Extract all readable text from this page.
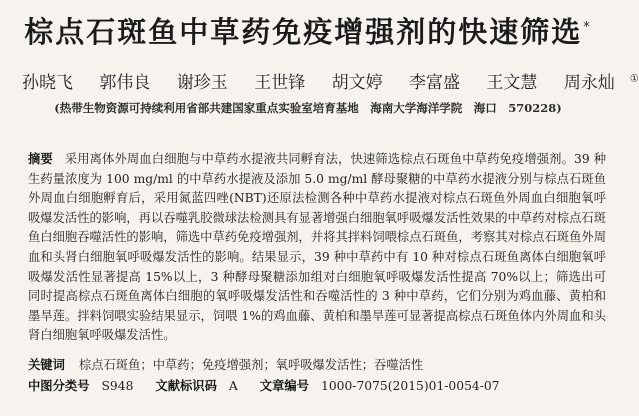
棕点石斑鱼中草药免疫增强剂的快速筛选*
孙晓飞 郭伟良 谢珍玉 王世锋 胡文婷 李富盛 王文慧 周永灿 ①
(热带生物资源可持续利用省部共建国家重点实验室培育基地　海南大学海洋学院　海口　570228)
摘要 采用离体外周血白细胞与中草药水提液共同孵育法，快速筛选棕点石斑鱼中草药免疫增强剂。39 种生药量浓度为 100 mg/ml 的中草药水提液及添加 5.0 mg/ml 酵母聚糖的中草药水提液分别与棕点石斑鱼外周血白细胞孵育后，采用氮蓝四唑(NBT)还原法检测各种中草药水提液对棕点石斑鱼外周血白细胞氧呼吸爆发活性的影响，再以吞噬乳胶微球法检测具有显著增强白细胞氧呼吸爆发活性效果的中草药对棕点石斑鱼白细胞吞噬活性的影响，筛选中草药免疫增强剂，并将其拌料饲喂棕点石斑鱼，考察其对棕点石斑鱼外周血和头肾白细胞氧呼吸爆发活性的影响。结果显示，39 种中草药中有 10 种对棕点石斑鱼离体白细胞氧呼吸爆发活性显著提高 15%以上，3 种酵母聚糖添加组对白细胞氧呼吸爆发活性提高 70%以上；筛选出可同时提高棕点石斑鱼离体白细胞的氧呼吸爆发活性和吞噬活性的 3 种中草药，它们分别为鸡血藤、黄柏和墨旱莲。拌料饲喂实验结果显示，饲喂 1%的鸡血藤、黄柏和墨旱莲可显著提高棕点石斑鱼体内外周血和头肾白细胞氧呼吸爆发活性。
关键词 棕点石斑鱼；中草药；免疫增强剂；氧呼吸爆发活性；吞噬活性
中图分类号 S948 文献标识码 A 文章编号 1000-7075(2015)01-0054-07
